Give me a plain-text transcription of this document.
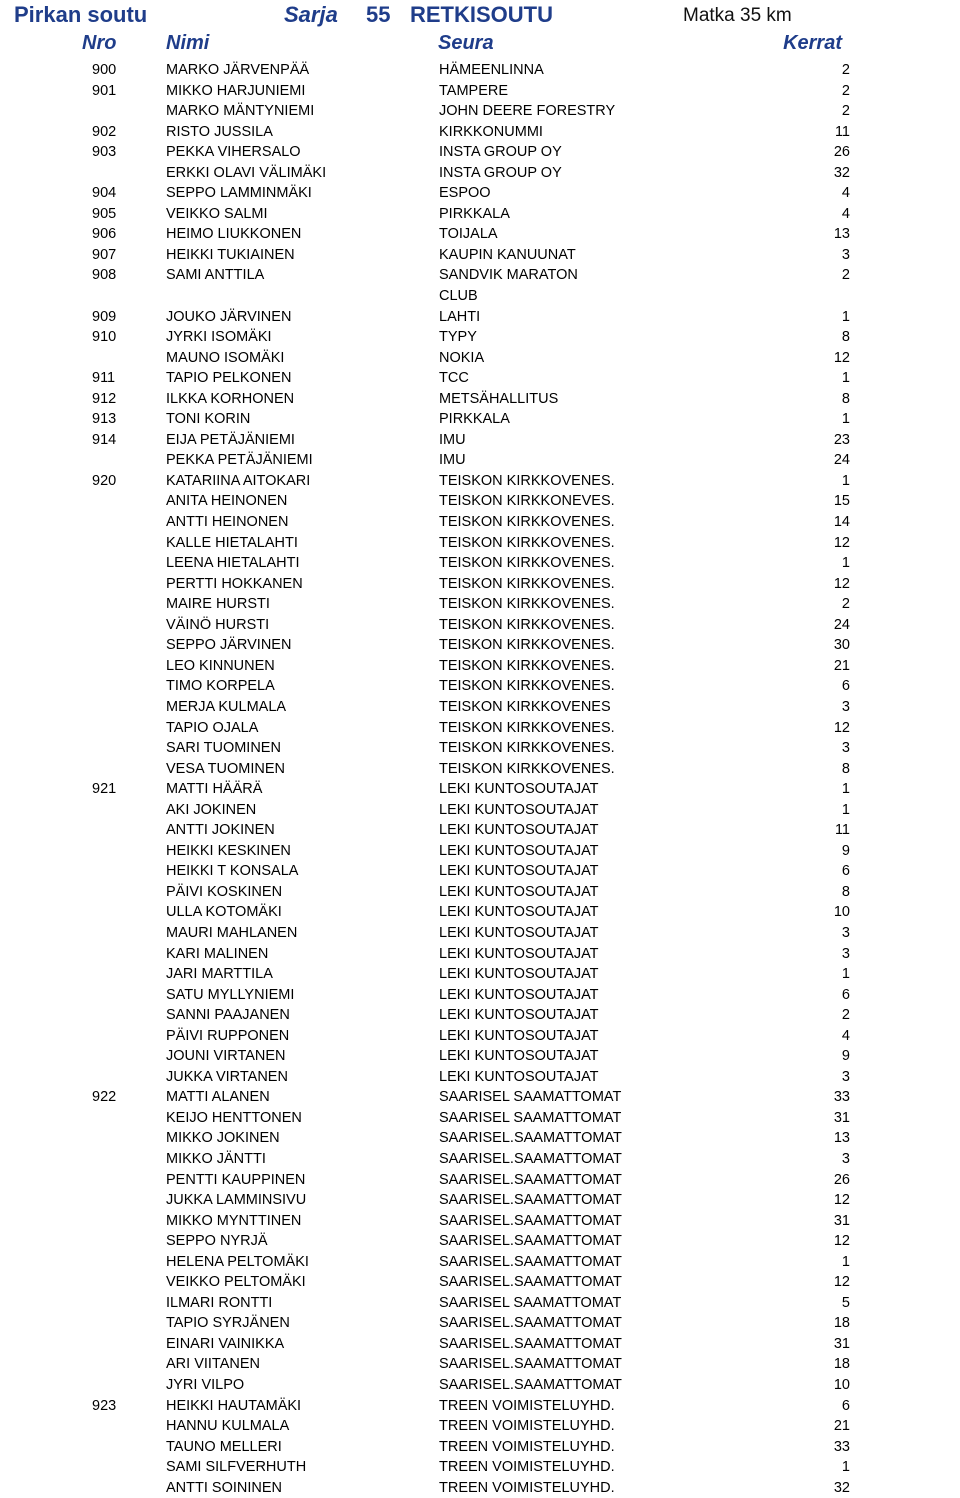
Pirkan soutu	Sarja 55 RETKISOUTU	Matka 35 km
Nro Nimi	Seura	Kerrat
900	MARKO JÄRVENPÄÄ	HÄMEENLINNA	2
901	MIKKO HARJUNIEMI	TAMPERE	2
MARKO MÄNTYNIEMI	JOHN DEERE FORESTRY	2
902	RISTO JUSSILA	KIRKKONUMMI	11
903	PEKKA VIHERSALO	INSTA GROUP OY	26
ERKKI OLAVI VÄLIMÄKI	INSTA GROUP OY	32
904	SEPPO LAMMINMÄKI	ESPOO	4
905	VEIKKO SALMI	PIRKKALA	4
906	HEIMO LIUKKONEN	TOIJALA	13
907	HEIKKI TUKIAINEN	KAUPIN KANUUNAT	3
908	SAMI ANTTILA	SANDVIK MARATON	2
CLUB
909	JOUKO JÄRVINEN	LAHTI	1
910	JYRKI ISOMÄKI	TYPY	8
MAUNO ISOMÄKI	NOKIA	12
911	TAPIO PELKONEN	TCC	1
912	ILKKA KORHONEN	METSÄHALLITUS	8
913	TONI KORIN	PIRKKALA	1
914	EIJA PETÄJÄNIEMI	IMU	23
PEKKA PETÄJÄNIEMI	IMU	24
920	KATARIINA AITOKARI	TEISKON KIRKKOVENES.	1
ANITA HEINONEN	TEISKON KIRKKONEVES.	15
ANTTI HEINONEN	TEISKON KIRKKOVENES.	14
KALLE HIETALAHTI	TEISKON KIRKKOVENES.	12
LEENA HIETALAHTI	TEISKON KIRKKOVENES.	1
PERTTI HOKKANEN	TEISKON KIRKKOVENES.	12
MAIRE HURSTI	TEISKON KIRKKOVENES.	2
VÄINÖ HURSTI	TEISKON KIRKKOVENES.	24
SEPPO JÄRVINEN	TEISKON KIRKKOVENES.	30
LEO KINNUNEN	TEISKON KIRKKOVENES.	21
TIMO KORPELA	TEISKON KIRKKOVENES.	6
MERJA KULMALA	TEISKON KIRKKOVENES	3
TAPIO OJALA	TEISKON KIRKKOVENES.	12
SARI TUOMINEN	TEISKON KIRKKOVENES.	3
VESA TUOMINEN	TEISKON KIRKKOVENES.	8
921	MATTI HÄÄRÄ	LEKI KUNTOSOUTAJAT	1
AKI JOKINEN	LEKI KUNTOSOUTAJAT	1
ANTTI JOKINEN	LEKI KUNTOSOUTAJAT	11
HEIKKI KESKINEN	LEKI KUNTOSOUTAJAT	9
HEIKKI T KONSALA	LEKI KUNTOSOUTAJAT	6
PÄIVI KOSKINEN	LEKI KUNTOSOUTAJAT	8
ULLA KOTOMÄKI	LEKI KUNTOSOUTAJAT	10
MAURI MAHLANEN	LEKI KUNTOSOUTAJAT	3
KARI MALINEN	LEKI KUNTOSOUTAJAT	3
JARI MARTTILA	LEKI KUNTOSOUTAJAT	1
SATU MYLLYNIEMI	LEKI KUNTOSOUTAJAT	6
SANNI PAAJANEN	LEKI KUNTOSOUTAJAT	2
PÄIVI RUPPONEN	LEKI KUNTOSOUTAJAT	4
JOUNI VIRTANEN	LEKI KUNTOSOUTAJAT	9
JUKKA VIRTANEN	LEKI KUNTOSOUTAJAT	3
922	MATTI ALANEN	SAARISEL SAAMATTOMAT	33
KEIJO HENTTONEN	SAARISEL SAAMATTOMAT	31
MIKKO JOKINEN	SAARISEL.SAAMATTOMAT	13
MIKKO JÄNTTI	SAARISEL.SAAMATTOMAT	3
PENTTI KAUPPINEN	SAARISEL.SAAMATTOMAT	26
JUKKA LAMMINSIVU	SAARISEL.SAAMATTOMAT	12
MIKKO MYNTTINEN	SAARISEL.SAAMATTOMAT	31
SEPPO NYRJÄ	SAARISEL.SAAMATTOMAT	12
HELENA PELTOMÄKI	SAARISEL.SAAMATTOMAT	1
VEIKKO PELTOMÄKI	SAARISEL.SAAMATTOMAT	12
ILMARI RONTTI	SAARISEL SAAMATTOMAT	5
TAPIO SYRJÄNEN	SAARISEL.SAAMATTOMAT	18
EINARI VAINIKKA	SAARISEL.SAAMATTOMAT	31
ARI VIITANEN	SAARISEL.SAAMATTOMAT	18
JYRI VILPO	SAARISEL.SAAMATTOMAT	10
923	HEIKKI HAUTAMÄKI	TREEN VOIMISTELUYHD.	6
HANNU KULMALA	TREEN VOIMISTELUYHD.	21
TAUNO MELLERI	TREEN VOIMISTELUYHD.	33
SAMI SILFVERHUTH	TREEN VOIMISTELUYHD.	1
ANTTI SOININEN	TREEN VOIMISTELUYHD.	32
